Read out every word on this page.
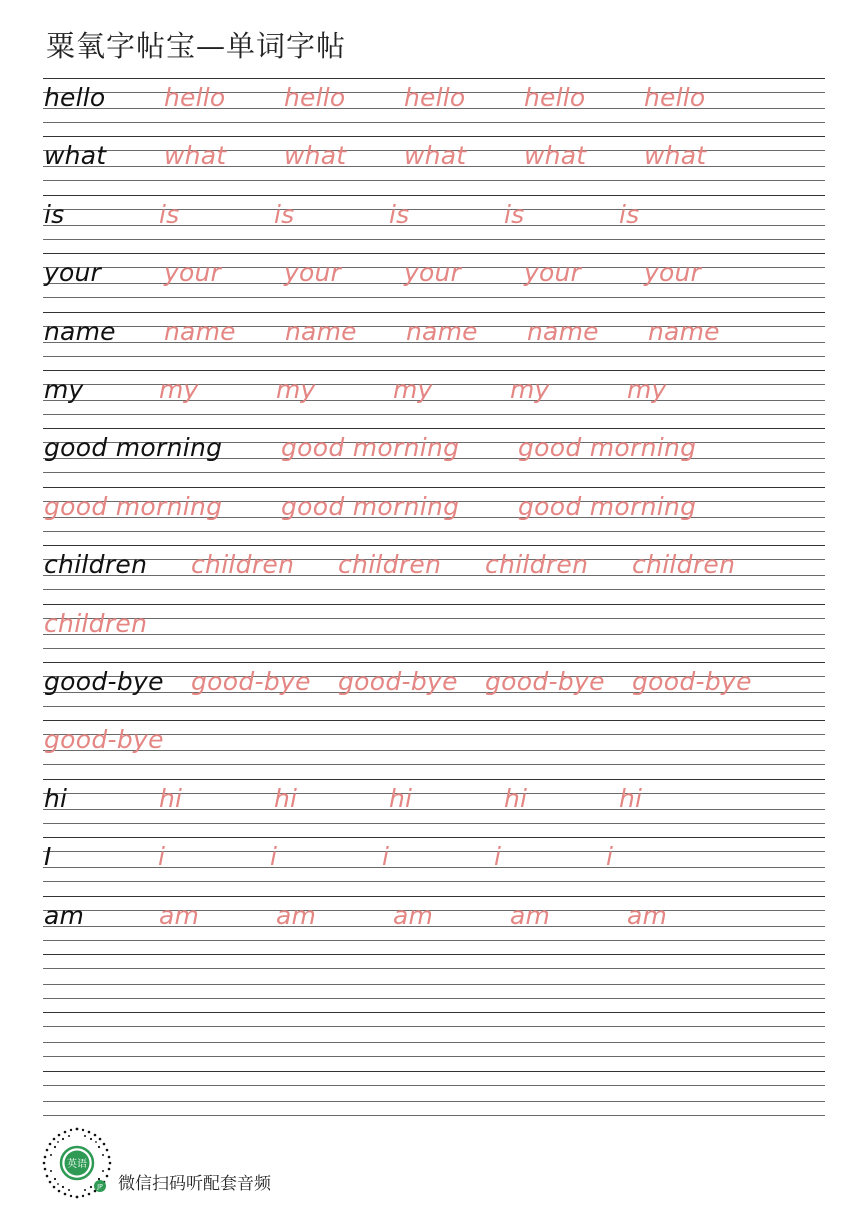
粟氧字帖宝—单词字帖
hello hello hello hello hello hello
what what what what what what
is	is	is	is	is	is
your	your	your	your	your	your
name name name name name name
my	my	my	my	my	my
good morning good morning good morning
good morning good morning good morning
children children children children children
children
good-bye good-bye good-bye good-bye good-bye
good-bye
hi	hi	hi	hi	hi	hi
I	i	i	i	i	i
am	am	am	am	am	am
英语
JP 微信扫码听配套音频
